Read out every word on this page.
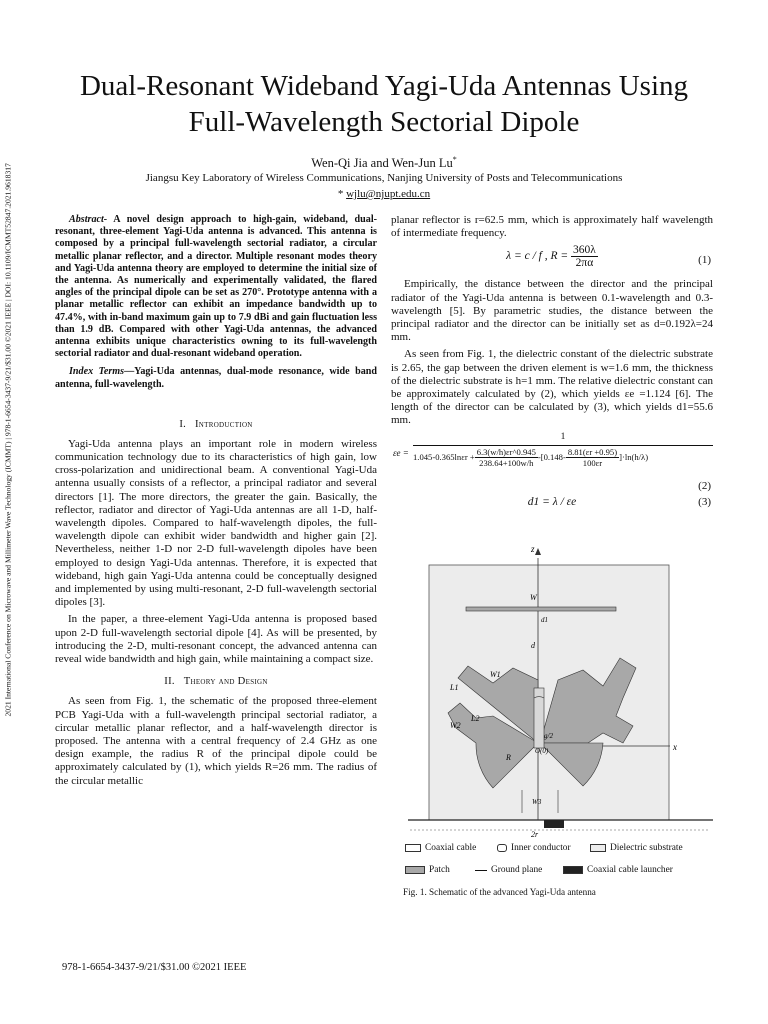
2021 International Conference on Microwave and Millimeter Wave Technology (ICMMT) | 978-1-6654-3437-9/21/$31.00 ©2021 IEEE | DOI: 10.1109/ICMMT52847.2021.9618317
Dual-Resonant Wideband Yagi-Uda Antennas Using
Full-Wavelength Sectorial Dipole
Wen-Qi Jia and Wen-Jun Lu*
Jiangsu Key Laboratory of Wireless Communications, Nanjing University of Posts and Telecommunications
* wjlu@njupt.edu.cn

Abstract- A novel design approach to high-gain, wideband, dual-resonant, three-element Yagi-Uda antenna is advanced. This antenna is composed by a principal full-wavelength sectorial radiator, a circular metallic planar reflector, and a director. Multiple resonant modes theory and Yagi-Uda antenna theory are employed to determine the initial size of the antenna. As numerically and experimentally validated, the flared angles of the principal dipole can be set as 270°. Prototype antenna with a planar metallic reflector can exhibit an impedance bandwidth up to 47.4%, with in-band maximum gain up to 7.9 dBi and gain fluctuation less than 1.9 dB. Compared with other Yagi-Uda antennas, the advanced antenna exhibits unique characteristics owning to its full-wavelength sectorial radiator and dual-resonant wideband operation.

Index Terms—Yagi-Uda antennas, dual-mode resonance, wide band antenna, full-wavelength.

I. Introduction

Yagi-Uda antenna plays an important role in modern wireless communication technology due to its characteristics of high gain, low cross-polarization and unidirectional beam. A conventional Yagi-Uda antenna usually consists of a reflector, a principal radiator and several directors [1]. The more directors, the greater the gain. Basically, the reflector, radiator and director of Yagi-Uda antennas are all 1-D, half-wavelength dipoles. Compared to half-wavelength dipoles, the full-wavelength dipole can exhibit wider bandwidth and higher gain [2]. Nevertheless, neither 1-D nor 2-D full-wavelength dipoles have been employed to design Yagi-Uda antennas. Therefore, it is expected that wideband, high gain Yagi-Uda antenna could be conceptually designed and implemented by using multi-resonant, 2-D full-wavelength sectorial dipoles [3].

In the paper, a three-element Yagi-Uda antenna is proposed based upon 2-D full-wavelength sectorial dipole [4]. As will be presented, by introducing the 2-D, multi-resonant concept, the advanced antenna can reveal wide bandwidth and high gain, while maintaining a compact size.

II. Theory and Design

As seen from Fig. 1, the schematic of the proposed three-element PCB Yagi-Uda with a full-wavelength principal sectorial radiator, a circular metallic planar reflector, and a half-wavelength director is proposed. The antenna with a central frequency of 2.4 GHz as one design example, the radius R of the principal dipole could be approximately calculated by (1), which yields R=26 mm. The radius of the circular metallic

planar reflector is r=62.5 mm, which is approximately half wavelength of intermediate frequency.

λ = c / f , $R = \frac{360\lambda}{2\pi\alpha}$	(1)

Empirically, the distance between the director and the principal radiator of the Yagi-Uda antenna is between 0.1-wavelength and 0.3-wavelength [5]. By parametric studies, the distance between the principal radiator and the director can be initially set as d=0.192λ=24 mm.

As seen from Fig. 1, the dielectric constant of the dielectric substrate is 2.65, the gap between the driven element is w=1.6 mm, the thickness of the dielectric substrate is h=1 mm. The relative dielectric constant can be approximately calculated by (2), which yields εe =1.124 [6]. The length of the director can be calculated by (3), which yields d1=55.6 mm.

εe =
1
$1.045-0.365\ln\varepsilon r + \frac{6.3(w/h)\varepsilon r\^{}0.945}{238.64+100w/h} -[0.148- \frac{8.81(\varepsilon r +0.95)}{100\varepsilon r} ]\cdot\ln(h/\lambda)$
(2)
d1 = λ / εe	(3)
2r
z
x
W
d1
d
W1
L1
W2
L2
R
g/2
O(0)
W3
Coaxial cable	Inner conductor	Dielectric substrate
Patch	Ground plane	Coaxial cable launcher
Fig. 1. Schematic of the advanced Yagi-Uda antenna
978-1-6654-3437-9/21/$31.00 ©2021 IEEE
